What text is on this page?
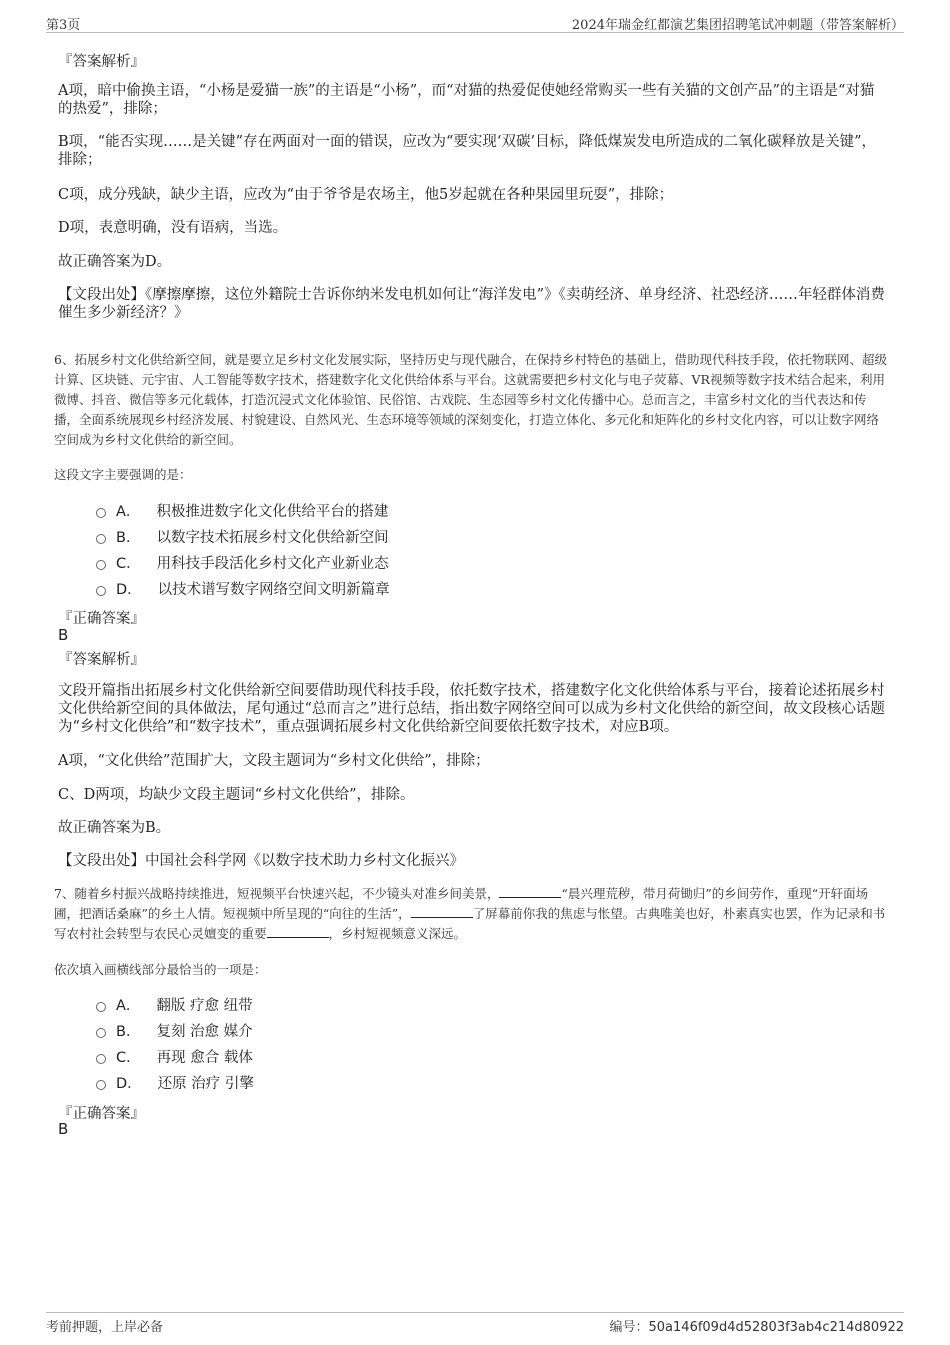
第3页	2024年瑞金红都演艺集团招聘笔试冲刺题（带答案解析）
『答案解析』
A项，暗中偷换主语，“小杨是爱猫一族”的主语是“小杨”，而“对猫的热爱促使她经常购买一些有关猫的文创产品”的主语是“对猫的热爱”，排除；
B项，“能否实现……是关键”存在两面对一面的错误，应改为“要实现‘双碳’目标，降低煤炭发电所造成的二氧化碳释放是关键”，排除；
C项，成分残缺，缺少主语，应改为“由于爷爷是农场主，他5岁起就在各种果园里玩耍”，排除；
D项，表意明确，没有语病，当选。
故正确答案为D。
【文段出处】《摩擦摩擦，这位外籍院士告诉你纳米发电机如何让“海洋发电”》《卖萌经济、单身经济、社恐经济……年轻群体消费催生多少新经济？》
6、拓展乡村文化供给新空间，就是要立足乡村文化发展实际，坚持历史与现代融合，在保持乡村特色的基础上，借助现代科技手段，依托物联网、超级计算、区块链、元宇宙、人工智能等数字技术，搭建数字化文化供给体系与平台。这就需要把乡村文化与电子荧幕、VR视频等数字技术结合起来，利用微博、抖音、微信等多元化载体，打造沉浸式文化体验馆、民俗馆、古戏院、生态园等乡村文化传播中心。总而言之，丰富乡村文化的当代表达和传播，全面系统展现乡村经济发展、村貌建设、自然风光、生态环境等领域的深刻变化，打造立体化、多元化和矩阵化的乡村文化内容，可以让数字网络空间成为乡村文化供给的新空间。
这段文字主要强调的是：
A． 积极推进数字化文化供给平台的搭建
B． 以数字技术拓展乡村文化供给新空间
C． 用科技手段活化乡村文化产业新业态
D． 以技术谱写数字网络空间文明新篇章
『正确答案』
B
『答案解析』
文段开篇指出拓展乡村文化供给新空间要借助现代科技手段，依托数字技术，搭建数字化文化供给体系与平台，接着论述拓展乡村文化供给新空间的具体做法，尾句通过“总而言之”进行总结，指出数字网络空间可以成为乡村文化供给的新空间，故文段核心话题为“乡村文化供给”和“数字技术”，重点强调拓展乡村文化供给新空间要依托数字技术，对应B项。
A项，“文化供给”范围扩大，文段主题词为“乡村文化供给”，排除；
C、D两项，均缺少文段主题词“乡村文化供给”，排除。
故正确答案为B。
【文段出处】中国社会科学网《以数字技术助力乡村文化振兴》
7、随着乡村振兴战略持续推进，短视频平台快速兴起，不少镜头对准乡间美景，	“晨兴理荒秽，带月荷锄归”的乡间劳作，重现“开轩面场圃，把酒话桑麻”的乡土人情。短视频中所呈现的“向往的生活”，	了屏幕前你我的焦虑与怅望。古典唯美也好，朴素真实也罢，作为记录和书写农村社会转型与农民心灵嬗变的重要	，乡村短视频意义深远。
依次填入画横线部分最恰当的一项是：
A． 翻版 疗愈 纽带
B． 复刻 治愈 媒介
C． 再现 愈合 载体
D． 还原 治疗 引擎
『正确答案』
B
考前押题，上岸必备	编号：50a146f09d4d52803f3ab4c214d80922
